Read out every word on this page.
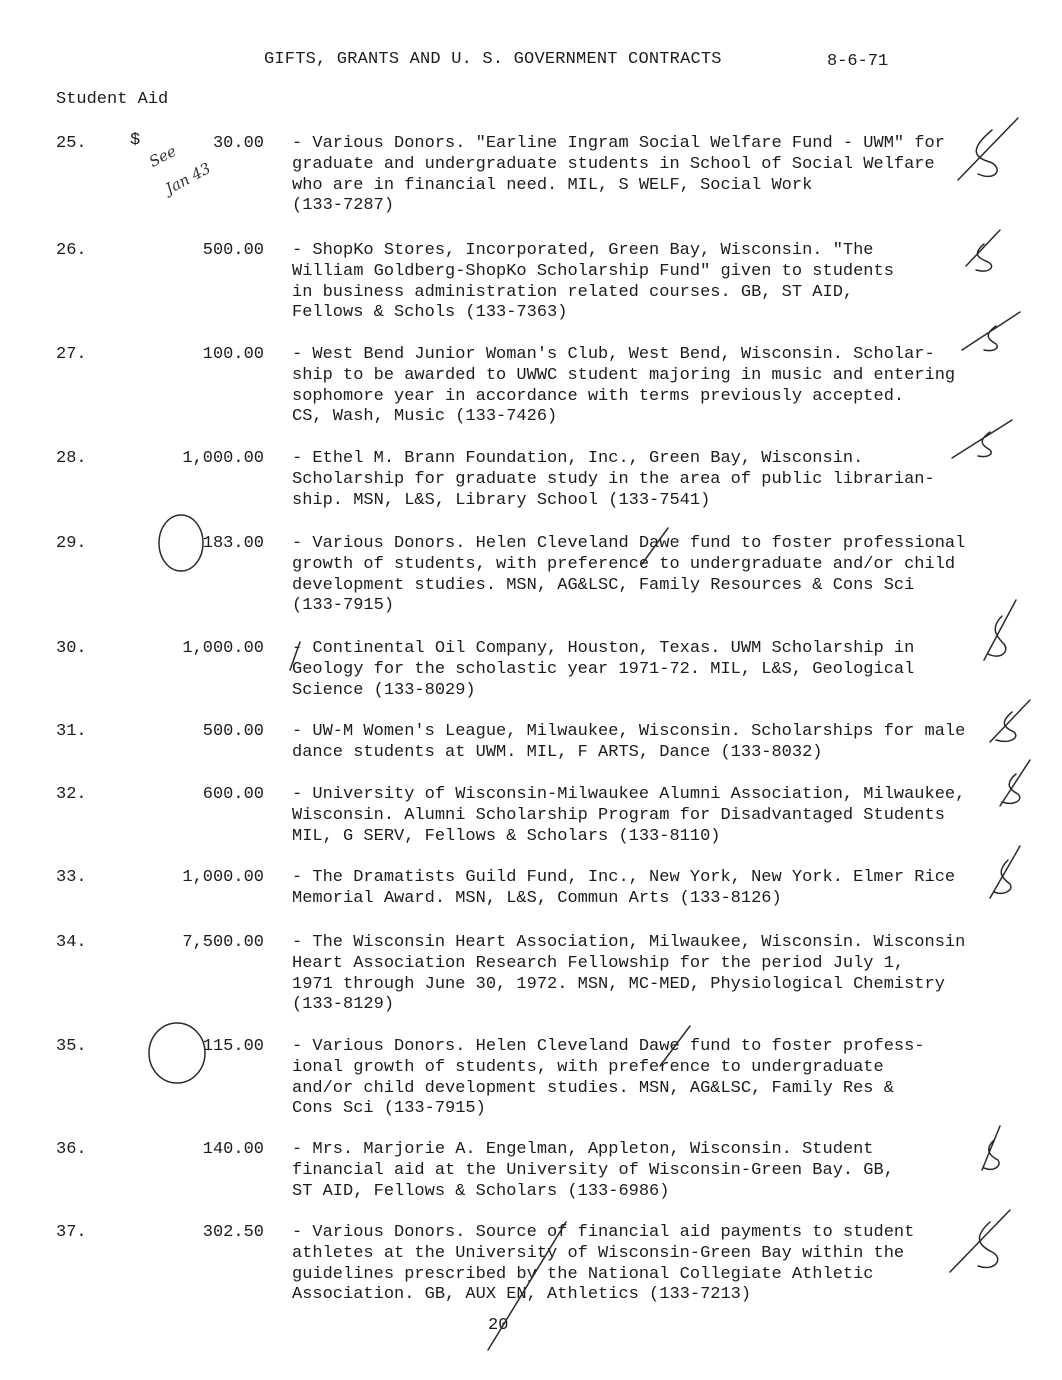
GIFTS, GRANTS AND U. S. GOVERNMENT CONTRACTS	8-6-71
Student Aid
$
25.	30.00 - Various Donors. "Earline Ingram Social Welfare Fund - UWM" for
graduate and undergraduate students in School of Social Welfare
who are in financial need. MIL, S WELF, Social Work
(133-7287)
26.	500.00 - ShopKo Stores, Incorporated, Green Bay, Wisconsin. "The
William Goldberg-ShopKo Scholarship Fund" given to students
in business administration related courses. GB, ST AID,
Fellows & Schols (133-7363)
27.	100.00 - West Bend Junior Woman's Club, West Bend, Wisconsin. Scholar-
ship to be awarded to UWWC student majoring in music and entering
sophomore year in accordance with terms previously accepted.
CS, Wash, Music (133-7426)
28.	1,000.00 - Ethel M. Brann Foundation, Inc., Green Bay, Wisconsin.
Scholarship for graduate study in the area of public librarian-
ship. MSN, L&S, Library School (133-7541)
29.	183.00 - Various Donors. Helen Cleveland Dawe fund to foster professional
growth of students, with preference to undergraduate and/or child
development studies. MSN, AG&LSC, Family Resources & Cons Sci
(133-7915)
30.	1,000.00 - Continental Oil Company, Houston, Texas. UWM Scholarship in
Geology for the scholastic year 1971-72. MIL, L&S, Geological
Science (133-8029)
31.	500.00 - UW-M Women's League, Milwaukee, Wisconsin. Scholarships for male
dance students at UWM. MIL, F ARTS, Dance (133-8032)
32.	600.00 - University of Wisconsin-Milwaukee Alumni Association, Milwaukee,
Wisconsin. Alumni Scholarship Program for Disadvantaged Students
MIL, G SERV, Fellows & Scholars (133-8110)
33.	1,000.00 - The Dramatists Guild Fund, Inc., New York, New York. Elmer Rice
Memorial Award. MSN, L&S, Commun Arts (133-8126)
34.	7,500.00 - The Wisconsin Heart Association, Milwaukee, Wisconsin. Wisconsin
Heart Association Research Fellowship for the period July 1,
1971 through June 30, 1972. MSN, MC-MED, Physiological Chemistry
(133-8129)
35.	115.00 - Various Donors. Helen Cleveland Dawe fund to foster profess-
ional growth of students, with preference to undergraduate
and/or child development studies. MSN, AG&LSC, Family Res &
Cons Sci (133-7915)
36.	140.00 - Mrs. Marjorie A. Engelman, Appleton, Wisconsin. Student
financial aid at the University of Wisconsin-Green Bay. GB,
ST AID, Fellows & Scholars (133-6986)
37.	302.50 - Various Donors. Source of financial aid payments to student
athletes at the University of Wisconsin-Green Bay within the
guidelines prescribed by the National Collegiate Athletic
Association. GB, AUX EN, Athletics (133-7213)
20
See
Jan 43
